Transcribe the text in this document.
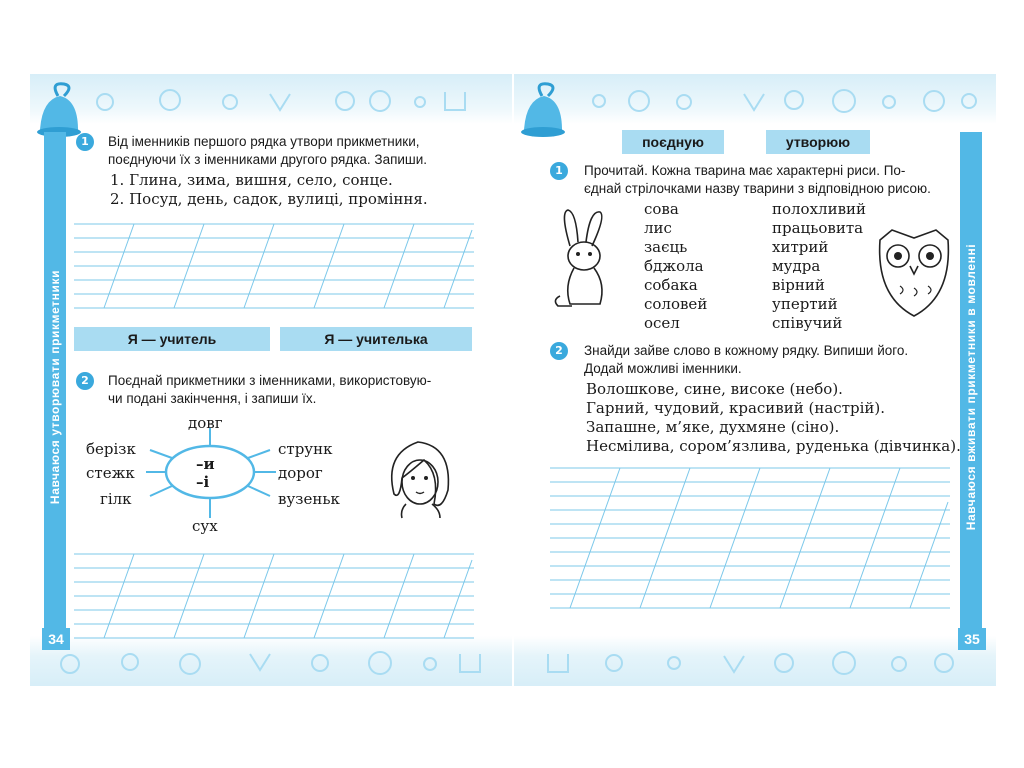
Навчаюся утворювати прикметники
34
1	Від іменників першого рядка утвори прикметники,
поєднуючи їх з іменниками другого рядка. Запиши.
1. Глина, зима, вишня, село, сонце.
2. Посуд, день, садок, вулиці, проміння.
Я — учитель	Я — учителька
2	Поєднай прикметники з іменниками, використовую-
чи подані закінчення, і запиши їх.
довг
сух
берізк
стежк
гілк
струнк
дорог
вузеньк
–и
–і	Навчаюся вживати прикметники в мовленні
35
поєдную	утворюю
1	Прочитай. Кожна тварина має характерні риси. По-
єднай стрілочками назву тварини з відповідною рисою.
сова
лис
заєць
бджола
собака
соловей
осел
полохливий
працьовита
хитрий
мудра
вірний
упертий
співучий
2	Знайди зайве слово в кожному рядку. Випиши його.
Додай можливі іменники.
Волошкове, сине, високе (небо).
Гарний, чудовий, красивий (настрій).
Запашне, м’яке, духмяне (сіно).
Несміливa, сором’язлива, руденька (дівчинка).
